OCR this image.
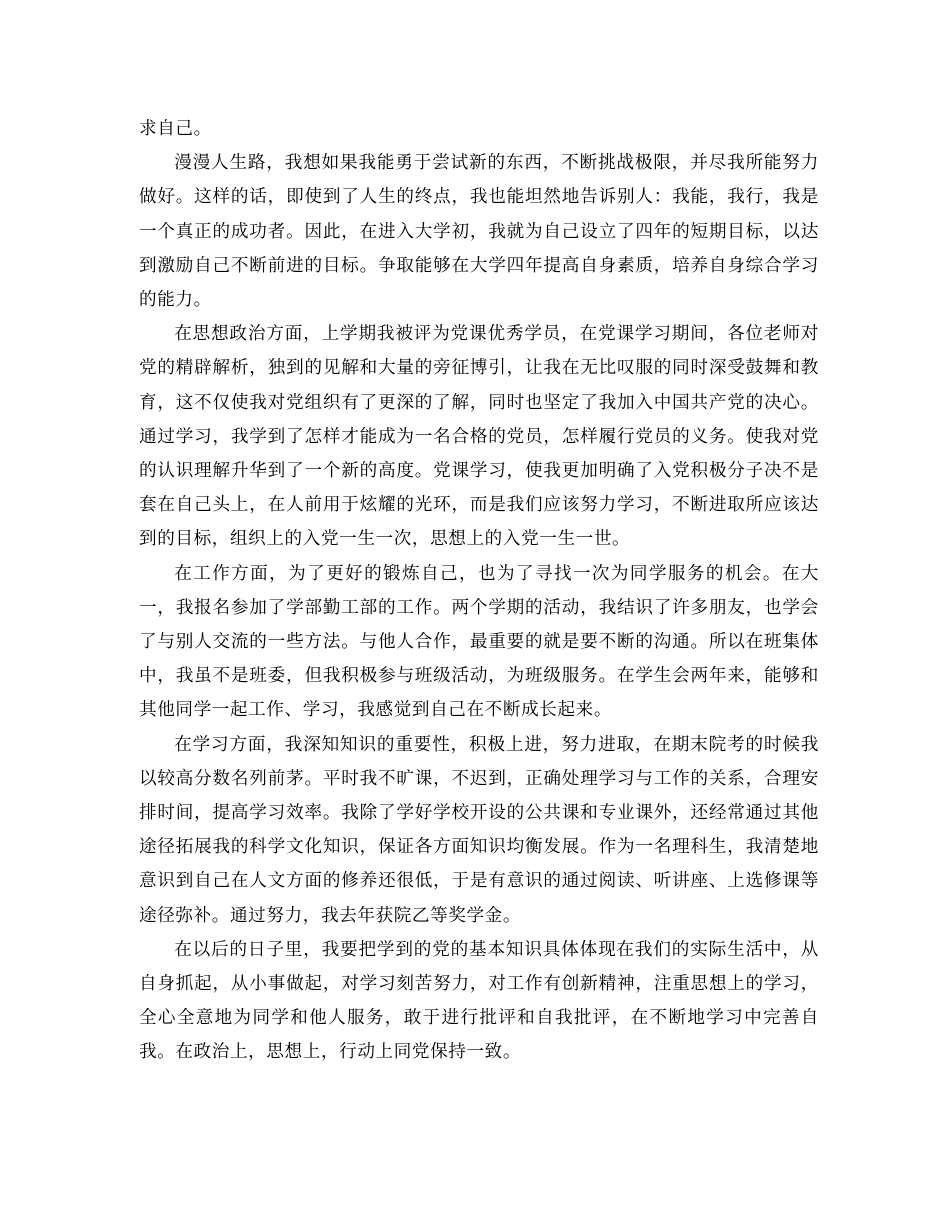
求自己。

漫漫人生路，我想如果我能勇于尝试新的东西，不断挑战极限，并尽我所能努力做好。这样的话，即使到了人生的终点，我也能坦然地告诉别人：我能，我行，我是一个真正的成功者。因此，在进入大学初，我就为自己设立了四年的短期目标，以达到激励自己不断前进的目标。争取能够在大学四年提高自身素质，培养自身综合学习的能力。

在思想政治方面，上学期我被评为党课优秀学员，在党课学习期间，各位老师对党的精辟解析，独到的见解和大量的旁征博引，让我在无比叹服的同时深受鼓舞和教育，这不仅使我对党组织有了更深的了解，同时也坚定了我加入中国共产党的决心。通过学习，我学到了怎样才能成为一名合格的党员，怎样履行党员的义务。使我对党的认识理解升华到了一个新的高度。党课学习，使我更加明确了入党积极分子决不是套在自己头上，在人前用于炫耀的光环，而是我们应该努力学习，不断进取所应该达到的目标，组织上的入党一生一次，思想上的入党一生一世。

在工作方面，为了更好的锻炼自己，也为了寻找一次为同学服务的机会。在大一，我报名参加了学部勤工部的工作。两个学期的活动，我结识了许多朋友，也学会了与别人交流的一些方法。与他人合作，最重要的就是要不断的沟通。所以在班集体中，我虽不是班委，但我积极参与班级活动，为班级服务。在学生会两年来，能够和其他同学一起工作、学习，我感觉到自己在不断成长起来。

在学习方面，我深知知识的重要性，积极上进，努力进取，在期末院考的时候我以较高分数名列前茅。平时我不旷课，不迟到，正确处理学习与工作的关系，合理安排时间，提高学习效率。我除了学好学校开设的公共课和专业课外，还经常通过其他途径拓展我的科学文化知识，保证各方面知识均衡发展。作为一名理科生，我清楚地意识到自己在人文方面的修养还很低，于是有意识的通过阅读、听讲座、上选修课等途径弥补。通过努力，我去年获院乙等奖学金。

在以后的日子里，我要把学到的党的基本知识具体体现在我们的实际生活中，从自身抓起，从小事做起，对学习刻苦努力，对工作有创新精神，注重思想上的学习，全心全意地为同学和他人服务，敢于进行批评和自我批评，在不断地学习中完善自我。在政治上，思想上，行动上同党保持一致。
